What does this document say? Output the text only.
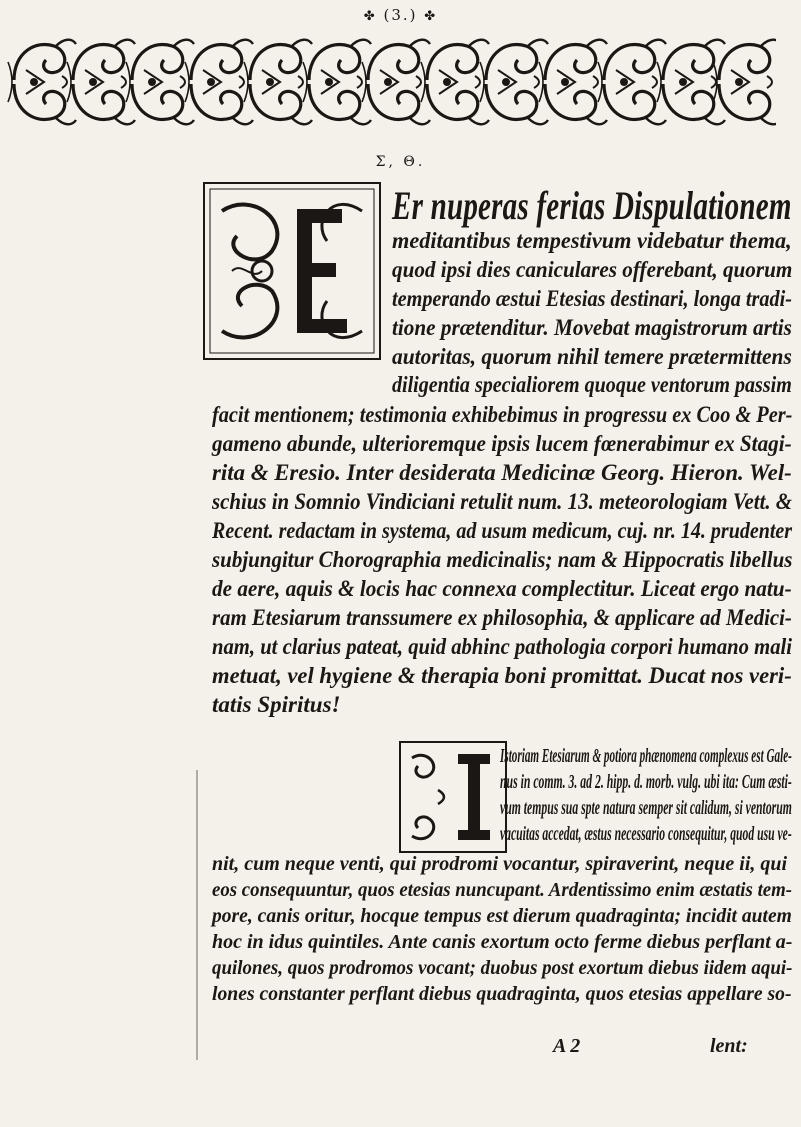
✤ (3.) ✤
Σ, Θ.
Er nuperas ferias Dispulationem
meditantibus tempestivum videbatur thema,
quod ipsi dies caniculares offerebant, quorum
temperando æstui Etesias destinari, longa tradi-
tione prætenditur. Movebat magistrorum artis
autoritas, quorum nihil temere prætermittens
diligentia specialiorem quoque ventorum passim
facit mentionem; testimonia exhibebimus in progressu ex Coo & Per-
gameno abunde, ulterioremque ipsis lucem fœnerabimur ex Stagi-
rita & Eresio. Inter desiderata Medicinæ Georg. Hieron. Wel-
schius in Somnio Vindiciani retulit num. 13. meteorologiam Vett. &
Recent. redactam in systema, ad usum medicum, cuj. nr. 14. prudenter
subjungitur Chorographia medicinalis; nam & Hippocratis libellus
de aere, aquis & locis hac connexa complectitur. Liceat ergo natu-
ram Etesiarum transsumere ex philosophia, & applicare ad Medici-
nam, ut clarius pateat, quid abhinc pathologia corpori humano mali
metuat, vel hygiene & therapia boni promittat. Ducat nos veri-
tatis Spiritus!
Istoriam Etesiarum & potiora phænomena complexus est Gale-
nus in comm. 3. ad 2. hipp. d. morb. vulg. ubi ita: Cum æsti-
vum tempus sua spte natura semper sit calidum, si ventorum
vacuitas accedat, æstus necessario consequitur, quod usu ve-
nit, cum neque venti, qui prodromi vocantur, spiraverint, neque ii, qui
eos consequuntur, quos etesias nuncupant. Ardentissimo enim æstatis tem-
pore, canis oritur, hocque tempus est dierum quadraginta; incidit autem
hoc in idus quintiles. Ante canis exortum octo ferme diebus perflant a-
quilones, quos prodromos vocant; duobus post exortum diebus iidem aqui-
lones constanter perflant diebus quadraginta, quos etesias appellare so-
A 2	lent:
